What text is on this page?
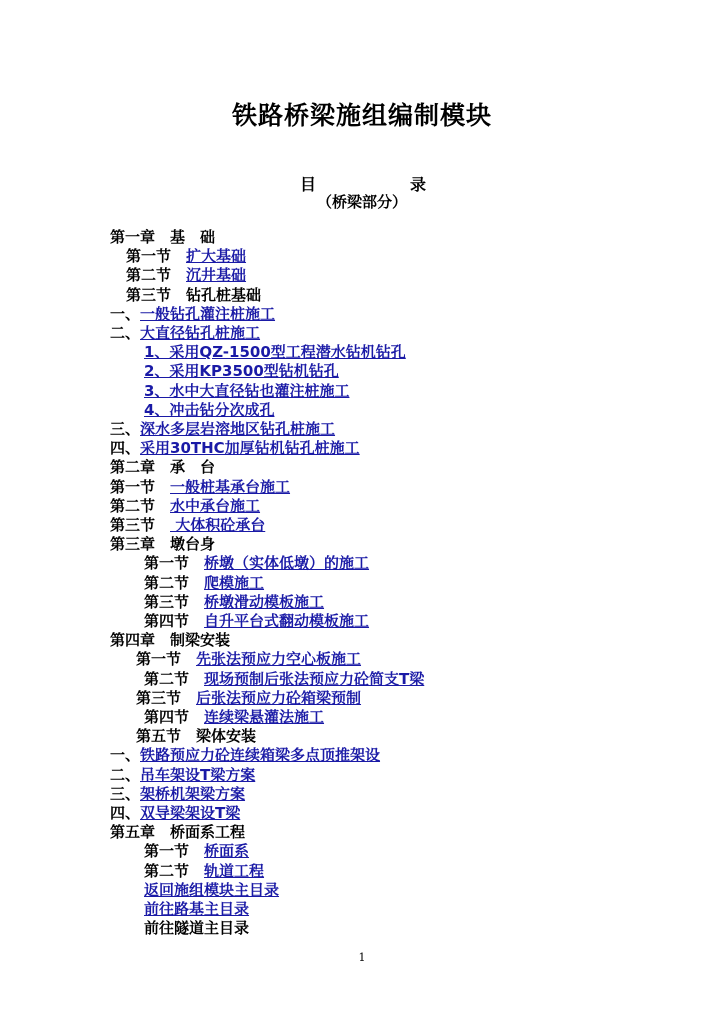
铁路桥梁施组编制模块
目	录
（桥梁部分）
第一章　基　础
第一节　扩大基础
第二节　沉井基础
第三节　钻孔桩基础
一、一般钻孔灌注桩施工
二、大直径钻孔桩施工
1、采用QZ-1500型工程潜水钻机钻孔
2、采用KP3500型钻机钻孔
3、水中大直径钻也灌注桩施工
4、冲击钻分次成孔
三、深水多层岩溶地区钻孔桩施工
四、采用30THC加厚钻机钻孔桩施工
第二章　承　台
第一节　一般桩基承台施工
第二节　水中承台施工
第三节　 大体积砼承台
第三章　墩台身
第一节　桥墩（实体低墩）的施工
第二节　爬模施工
第三节　桥墩滑动模板施工
第四节　自升平台式翻动模板施工
第四章　制梁安装
第一节　先张法预应力空心板施工
第二节　现场预制后张法预应力砼简支T梁
第三节　后张法预应力砼箱梁预制
第四节　连续梁悬灌法施工
第五节　梁体安装
一、铁路预应力砼连续箱梁多点顶推架设
二、吊车架设T梁方案
三、架桥机架梁方案
四、双导梁架设T梁
第五章　桥面系工程
第一节　桥面系
第二节　轨道工程
返回施组模块主目录
前往路基主目录
前往隧道主目录
1
